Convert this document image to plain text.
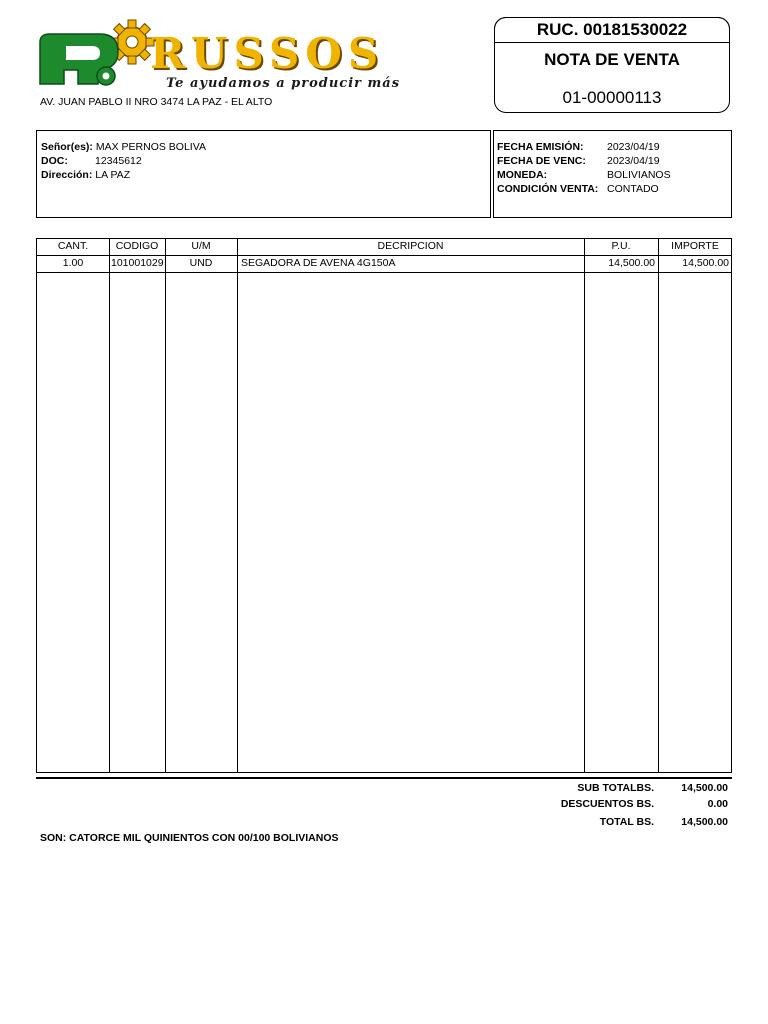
RUSSOS
Te ayudamos a producir más
AV. JUAN PABLO II NRO 3474 LA PAZ - EL ALTO
RUC. 00181530022
NOTA DE VENTA
01-00000113
Señor(es): MAX PERNOS BOLIVA
DOC:	12345612
Dirección: LA PAZ
FECHA EMISIÓN: 2023/04/19
FECHA DE VENC: 2023/04/19
MONEDA:	BOLIVIANOS
CONDICIÓN VENTA: CONTADO
CANT.	CODIGO	U/M	DECRIPCION	P.U.	IMPORTE
1.00	101001029	UND	SEGADORA DE AVENA 4G150A	14,500.00	14,500.00
SUB TOTALBS.	14,500.00
DESCUENTOS BS.	0.00
TOTAL BS.	14,500.00
SON: CATORCE MIL QUINIENTOS CON 00/100 BOLIVIANOS
